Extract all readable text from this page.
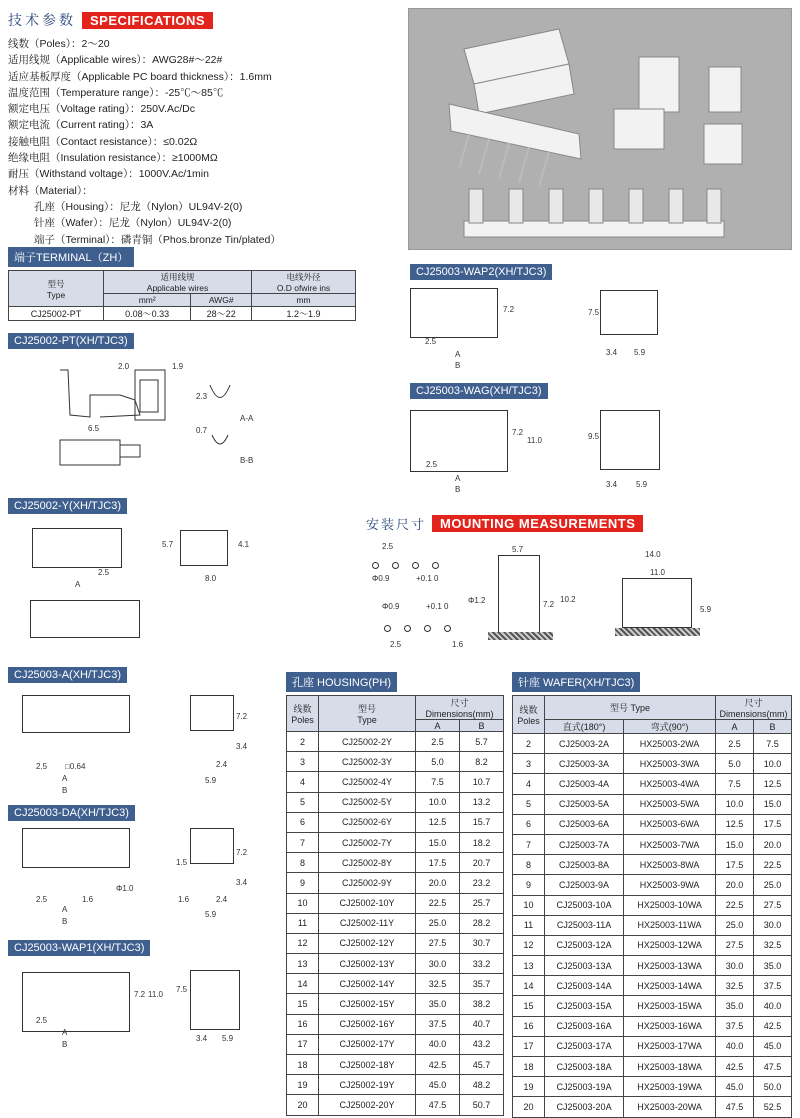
技术参数	SPECIFICATIONS
线数（Poles）：2～20
适用线规（Applicable wires）：AWG28#～22#
适应基板厚度（Applicable PC board thickness）：1.6mm
温度范围（Temperature range）：-25℃～85℃
额定电压（Voltage rating）：250V.Ac/Dc
额定电流（Current rating）：3A
接触电阻（Contact resistance）：≤0.02Ω
绝缘电阻（Insulation resistance）：≥1000MΩ
耐压（Withstand voltage）：1000V.Ac/1min
材料（Material）：
孔座（Housing）：尼龙（Nylon）UL94V-2(0)
针座（Wafer）：尼龙（Nylon）UL94V-2(0)
端子（Terminal）：磷青铜（Phos.bronze Tin/plated）
端子TERMINAL（ZH）
型号
Type	适用线规
Applicable wires		电线外径
O.D ofwire ins
	mm²	AWG#	mm
CJ25002-PT	0.08～0.33	28～22	1.2～1.9
CJ25002-PT(XH/TJC3)
2.0	1.9
6.5
2.3
0.7
A-A
B-B
CJ25002-Y(XH/TJC3)
2.5
A
5.7	4.1
8.0
CJ25003-A(XH/TJC3)
2.5 □0.64
A
B
7.2
3.4
2.4
5.9
CJ25003-DA(XH/TJC3)
2.5	1.6
Φ1.0
A
B
7.2
3.4
1.5
1.6	2.4
5.9
CJ25003-WAP1(XH/TJC3)
2.5
A
B
7.2 11.0
7.5
3.4 5.9
CJ25003-WAP2(XH/TJC3)
2.5
A
B
7.2	7.5
3.4 5.9
CJ25003-WAG(XH/TJC3)
2.5
A
B
7.2
11.0	9.5
3.4 5.9
安装尺寸	MOUNTING MEASUREMENTS
2.5
Φ0.9	+0.1 0
Φ0.9	+0.1 0
Φ1.2
2.5	1.6
5.7
7.2
10.2
14.0
11.0
5.9
孔座 HOUSING(PH)
线数
Poles	型号
Type	尺寸Dimensions(mm)	
		A	B
2	CJ25002-2Y	2.5	5.7
3	CJ25002-3Y	5.0	8.2
4	CJ25002-4Y	7.5	10.7
5	CJ25002-5Y	10.0	13.2
6	CJ25002-6Y	12.5	15.7
7	CJ25002-7Y	15.0	18.2
8	CJ25002-8Y	17.5	20.7
9	CJ25002-9Y	20.0	23.2
10	CJ25002-10Y	22.5	25.7
11	CJ25002-11Y	25.0	28.2
12	CJ25002-12Y	27.5	30.7
13	CJ25002-13Y	30.0	33.2
14	CJ25002-14Y	32.5	35.7
15	CJ25002-15Y	35.0	38.2
16	CJ25002-16Y	37.5	40.7
17	CJ25002-17Y	40.0	43.2
18	CJ25002-18Y	42.5	45.7
19	CJ25002-19Y	45.0	48.2
20	CJ25002-20Y	47.5	50.7
针座 WAFER(XH/TJC3)
线数
Poles	型号 Type		尺寸Dimensions(mm)	
	直式(180°)	弯式(90°)	A	B
2	CJ25003-2A	HX25003-2WA	2.5	7.5
3	CJ25003-3A	HX25003-3WA	5.0	10.0
4	CJ25003-4A	HX25003-4WA	7.5	12.5
5	CJ25003-5A	HX25003-5WA	10.0	15.0
6	CJ25003-6A	HX25003-6WA	12.5	17.5
7	CJ25003-7A	HX25003-7WA	15.0	20.0
8	CJ25003-8A	HX25003-8WA	17.5	22.5
9	CJ25003-9A	HX25003-9WA	20.0	25.0
10	CJ25003-10A	HX25003-10WA	22.5	27.5
11	CJ25003-11A	HX25003-11WA	25.0	30.0
12	CJ25003-12A	HX25003-12WA	27.5	32.5
13	CJ25003-13A	HX25003-13WA	30.0	35.0
14	CJ25003-14A	HX25003-14WA	32.5	37.5
15	CJ25003-15A	HX25003-15WA	35.0	40.0
16	CJ25003-16A	HX25003-16WA	37.5	42.5
17	CJ25003-17A	HX25003-17WA	40.0	45.0
18	CJ25003-18A	HX25003-18WA	42.5	47.5
19	CJ25003-19A	HX25003-19WA	45.0	50.0
20	CJ25003-20A	HX25003-20WA	47.5	52.5
